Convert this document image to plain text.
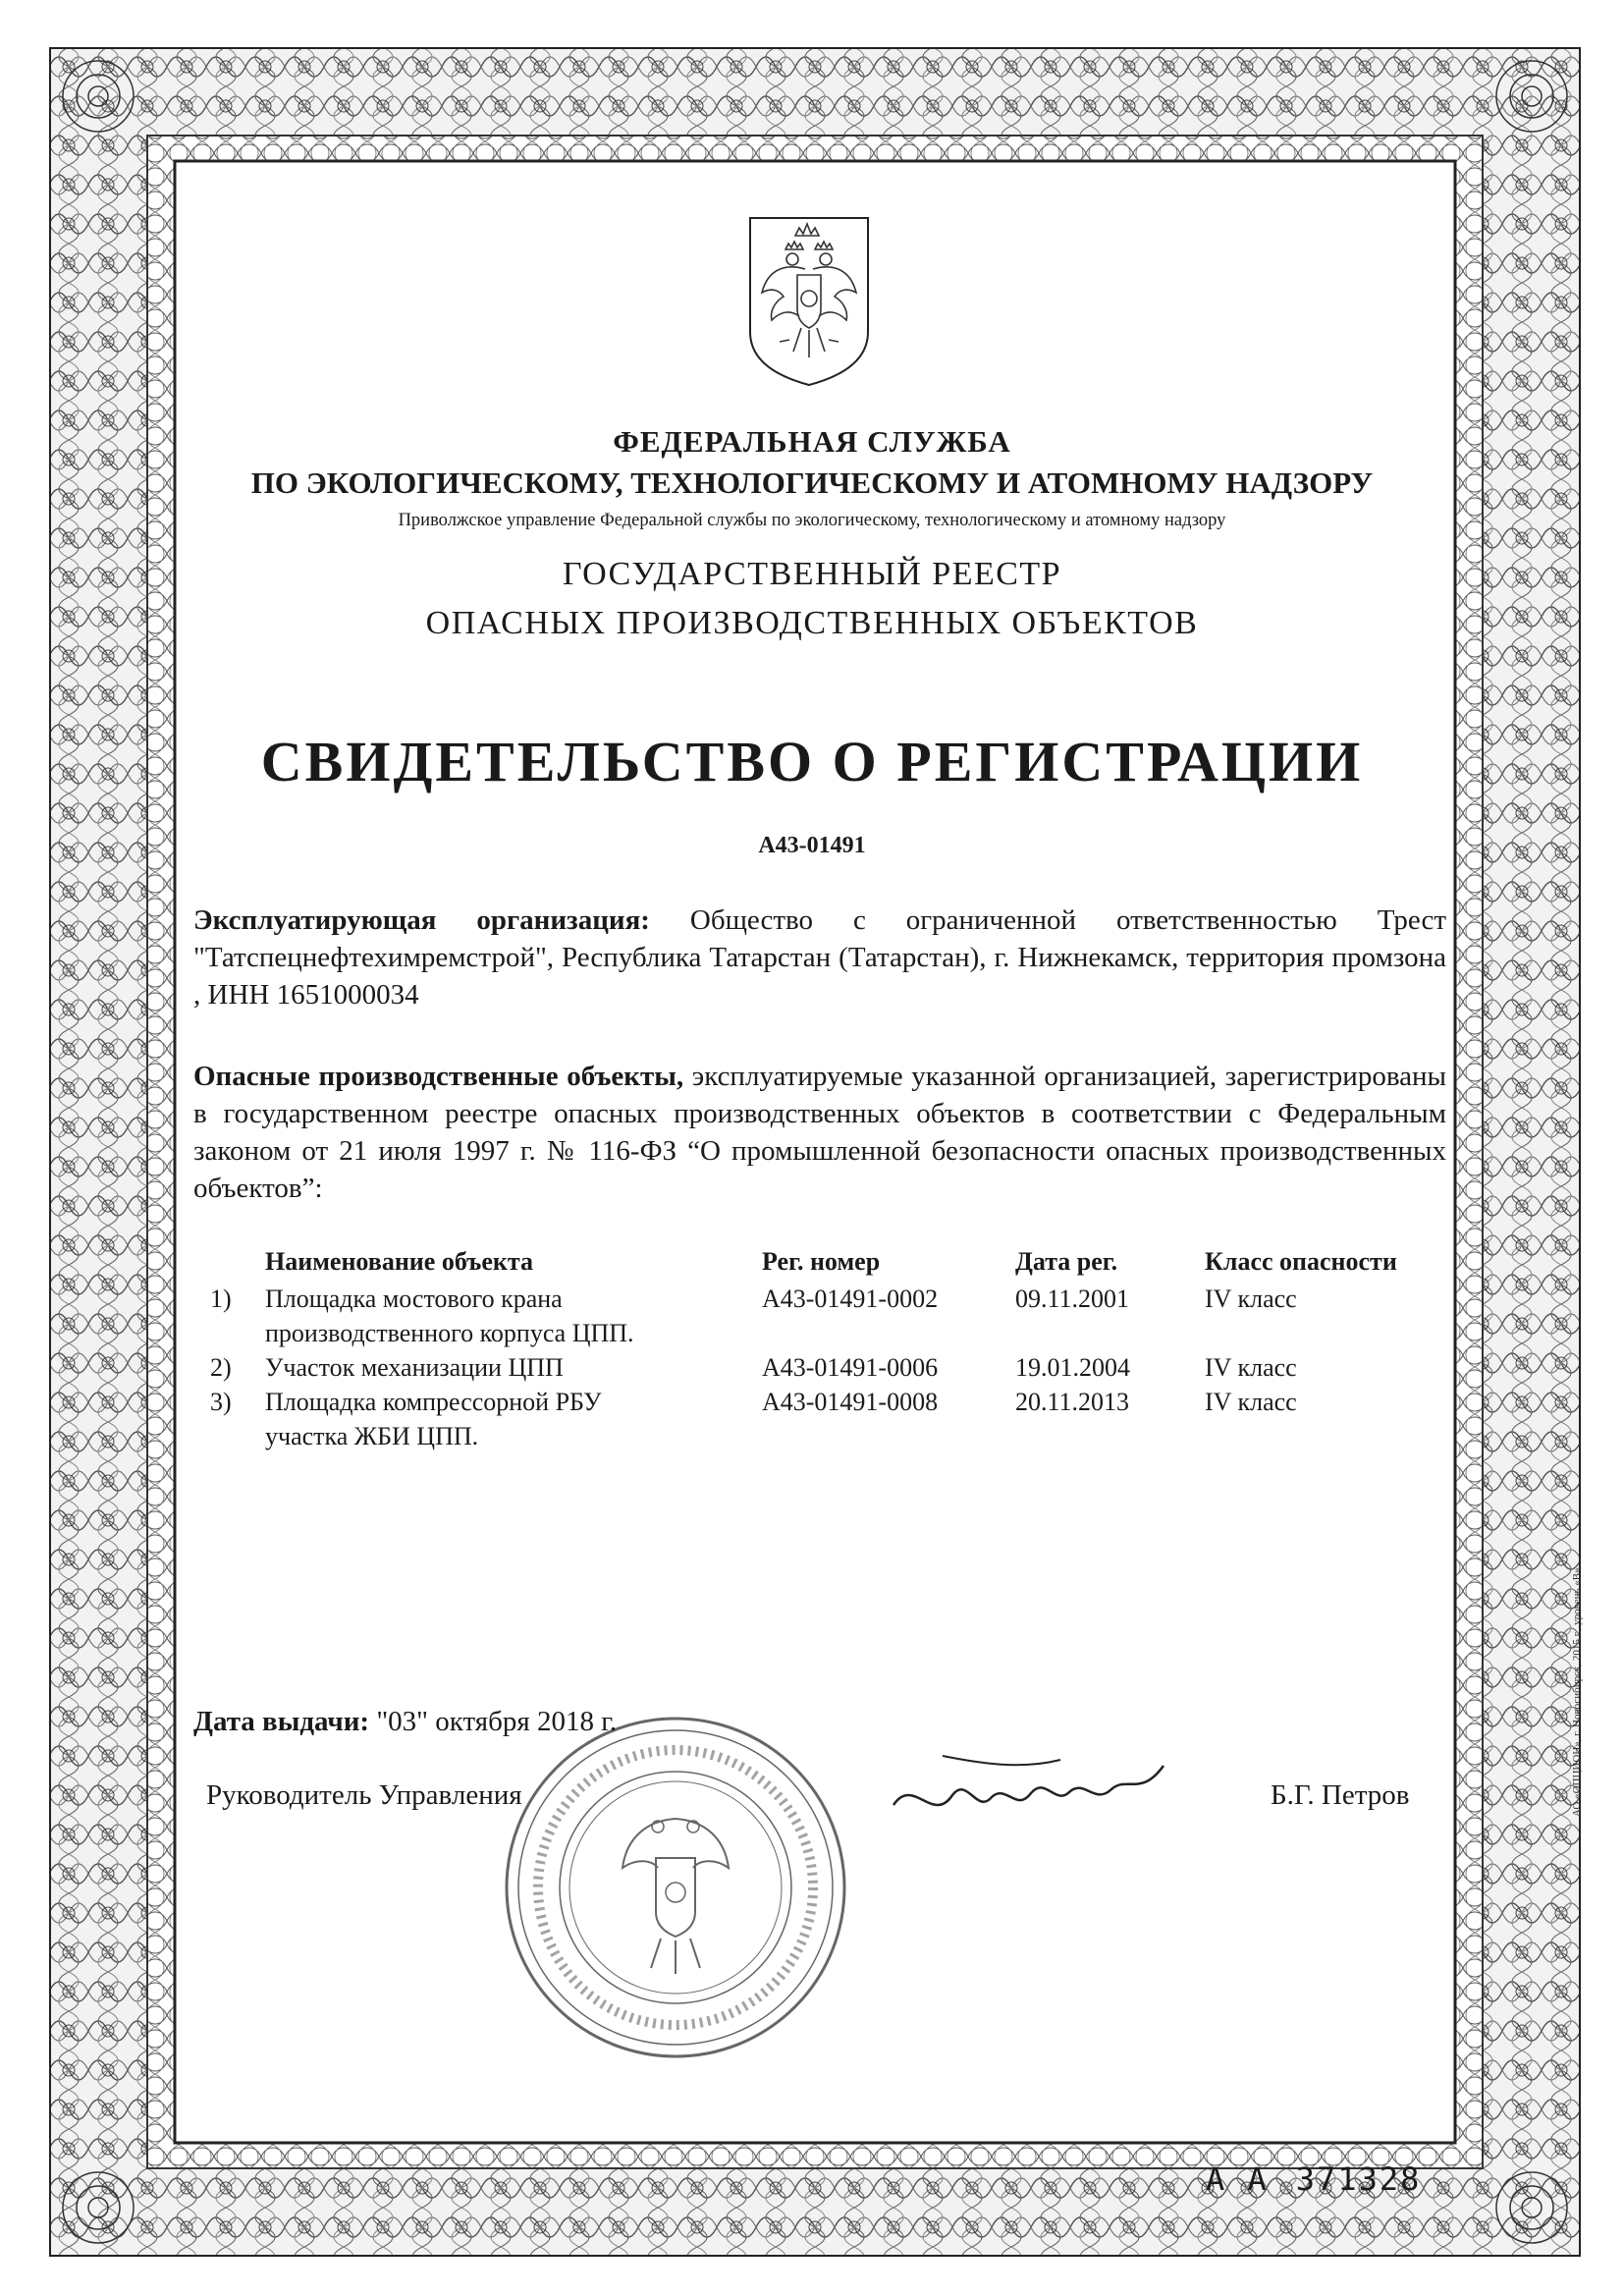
ФЕДЕРАЛЬНАЯ СЛУЖБА
ПО ЭКОЛОГИЧЕСКОМУ, ТЕХНОЛОГИЧЕСКОМУ И АТОМНОМУ НАДЗОРУ
Приволжское управление Федеральной службы по экологическому, технологическому и атомному надзору
ГОСУДАРСТВЕННЫЙ РЕЕСТР
ОПАСНЫХ ПРОИЗВОДСТВЕННЫХ ОБЪЕКТОВ
СВИДЕТЕЛЬСТВО О РЕГИСТРАЦИИ
А43-01491
Эксплуатирующая организация: Общество с ограниченной ответственностью Трест "Татспецнефтехимремстрой", Республика Татарстан (Татарстан), г. Нижнекамск, территория промзона , ИНН 1651000034
Опасные производственные объекты, эксплуатируемые указанной организацией, зарегистрированы в государственном реестре опасных производственных объектов в соответствии с Федеральным законом от 21 июля 1997 г. № 116-ФЗ “О промышленной безопасности опасных производственных объектов”:
Наименование объекта	Рег. номер	Дата рег.	Класс опасности
1) Площадка мостового крана
производственного корпуса ЦПП.
А43-01491-0002	09.11.2001	IV класс
2) Участок механизации ЦПП	А43-01491-0006	19.01.2004	IV класс
3) Площадка компрессорной РБУ
участка ЖБИ ЦПП.
А43-01491-0008	20.11.2013	IV класс
Дата выдачи: "03" октября 2018 г.
Руководитель Управления	Б.Г. Петров
А А 371328
АО «ОПЦИОН», г. Новосибирск, 2015 г., уровень «В»
